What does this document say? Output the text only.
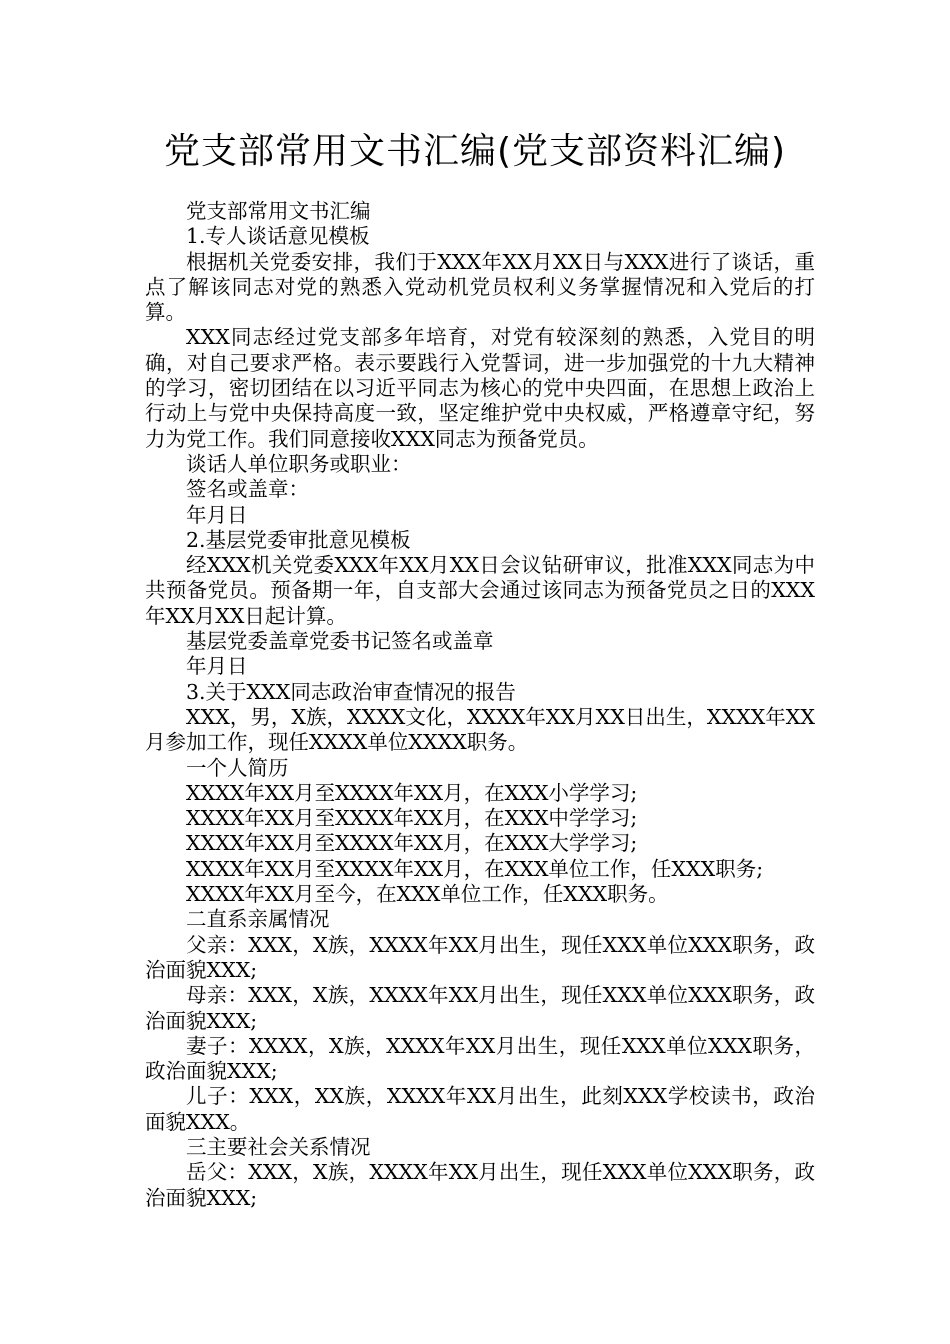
党支部常用文书汇编(党支部资料汇编)

党支部常用文书汇编

1.专人谈话意见模板

根据机关党委安排，我们于XXX年XX月XX日与XXX进行了谈话，重点了解该同志对党的熟悉入党动机党员权利义务掌握情况和入党后的打算。

XXX同志经过党支部多年培育，对党有较深刻的熟悉，入党目的明确，对自己要求严格。表示要践行入党誓词，进一步加强党的十九大精神的学习，密切团结在以习近平同志为核心的党中央四面，在思想上政治上行动上与党中央保持高度一致，坚定维护党中央权威，严格遵章守纪，努力为党工作。我们同意接收XXX同志为预备党员。

谈话人单位职务或职业：

签名或盖章：

年月日

2.基层党委审批意见模板

经XXX机关党委XXX年XX月XX日会议钻研审议，批准XXX同志为中共预备党员。预备期一年，自支部大会通过该同志为预备党员之日的XXX年XX月XX日起计算。

基层党委盖章党委书记签名或盖章

年月日

3.关于XXX同志政治审查情况的报告

XXX，男，X族，XXXX文化，XXXX年XX月XX日出生，XXXX年XX月参加工作，现任XXXX单位XXXX职务。

一个人简历

XXXX年XX月至XXXX年XX月，在XXX小学学习;

XXXX年XX月至XXXX年XX月，在XXX中学学习;

XXXX年XX月至XXXX年XX月，在XXX大学学习;

XXXX年XX月至XXXX年XX月，在XXX单位工作，任XXX职务;

XXXX年XX月至今，在XXX单位工作，任XXX职务。

二直系亲属情况

父亲：XXX，X族，XXXX年XX月出生，现任XXX单位XXX职务，政治面貌XXX;

母亲：XXX，X族，XXXX年XX月出生，现任XXX单位XXX职务，政治面貌XXX;

妻子：XXXX，X族，XXXX年XX月出生，现任XXX单位XXX职务，政治面貌XXX;

儿子：XXX，XX族，XXXX年XX月出生，此刻XXX学校读书，政治面貌XXX。

三主要社会关系情况

岳父：XXX，X族，XXXX年XX月出生，现任XXX单位XXX职务，政治面貌XXX;
